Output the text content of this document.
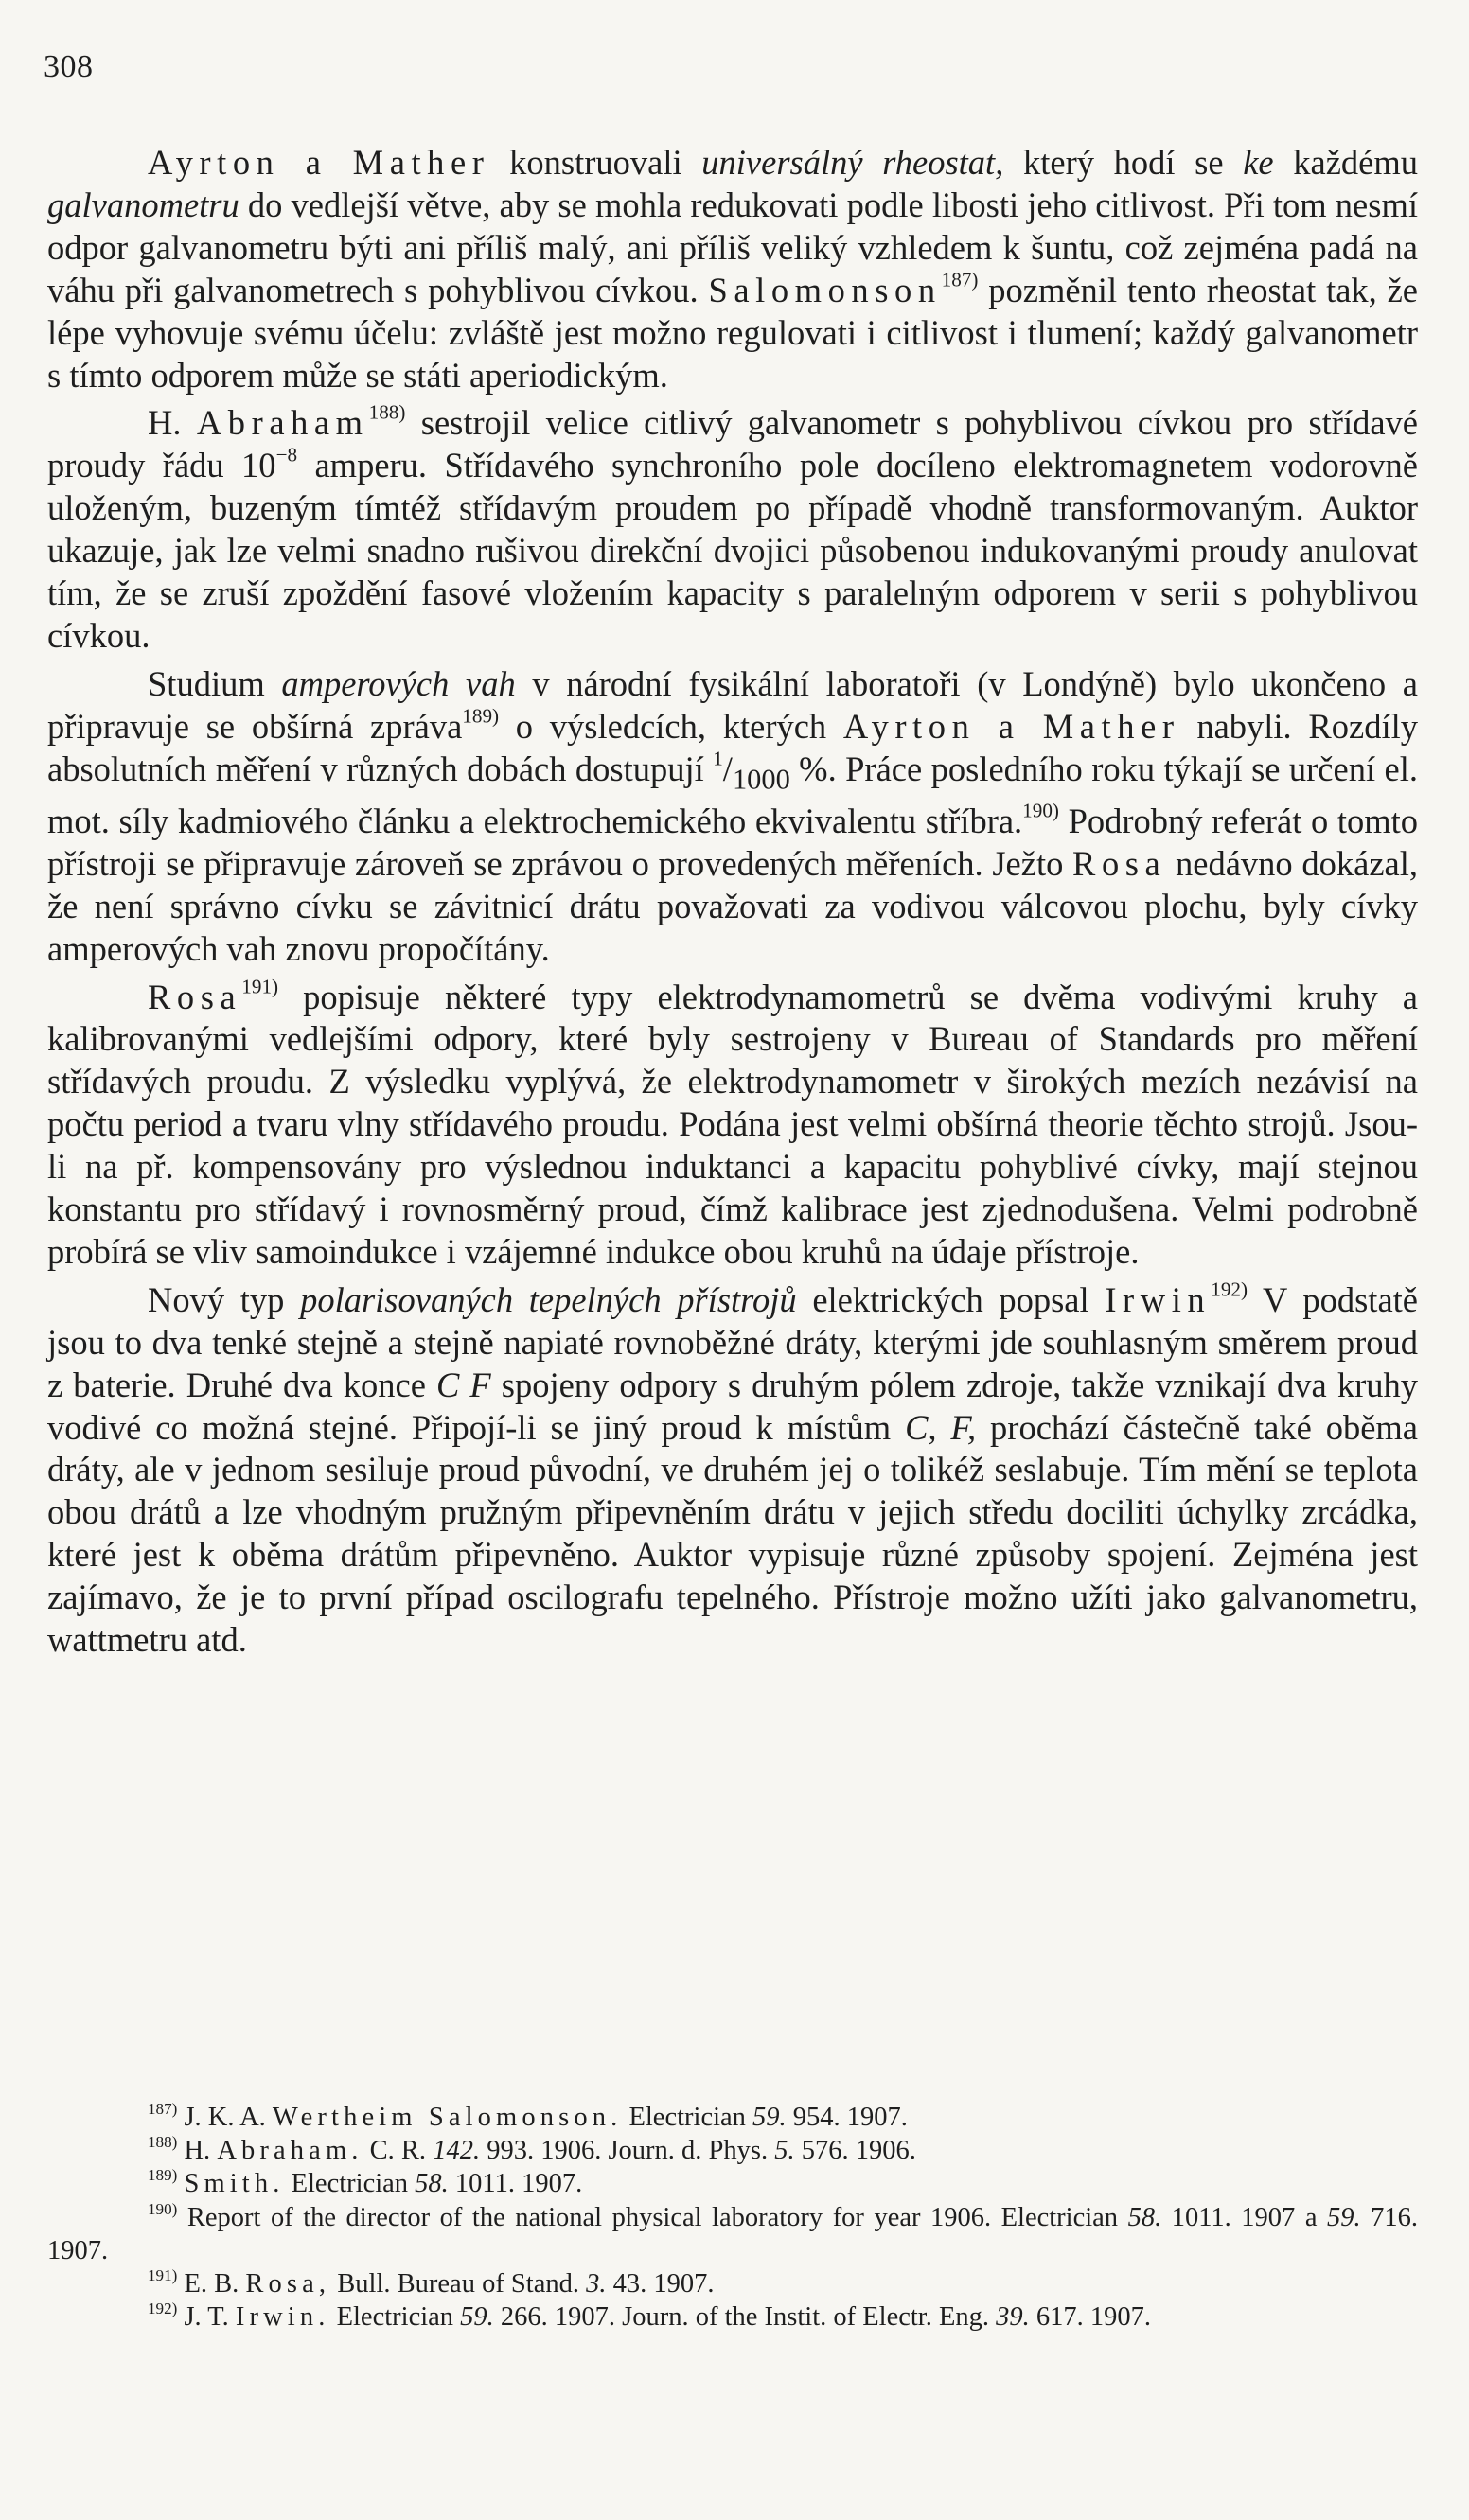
308

Ayrton a Mather konstruovali universálný rheostat, který hodí se ke každému galvanometru do vedlejší větve, aby se mohla redukovati podle libosti jeho citlivost. Při tom nesmí odpor galvanometru býti ani příliš malý, ani příliš veliký vzhledem k šuntu, což zejména padá na váhu při galvanometrech s pohyblivou cívkou. Salomonson$^{187)}$ pozměnil tento rheostat tak, že lépe vyhovuje svému účelu: zvláště jest možno regulovati i citlivost i tlumení; každý galvanometr s tímto odporem může se státi aperiodickým.

H. Abraham$^{188)}$ sestrojil velice citlivý galvanometr s pohyblivou cívkou pro střídavé proudy řádu $10^{-8}$ amperu. Střídavého synchroního pole docíleno elektromagnetem vodorovně uloženým, buzeným tímtéž střídavým proudem po případě vhodně transformovaným. Auktor ukazuje, jak lze velmi snadno rušivou direkční dvojici působenou indukovanými proudy anulovat tím, že se zruší zpoždění fasové vložením kapacity s paralelným odporem v serii s pohyblivou cívkou.

Studium amperových vah v národní fysikální laboratoři (v Londýně) bylo ukončeno a připravuje se obšírná zpráva$^{189)}$ o výsledcích, kterých Ayrton a Mather nabyli. Rozdíly absolutních měření v různých dobách dostupují $^1/_{1000}$ %. Práce posledního roku týkají se určení el. mot. síly kadmiového článku a elektrochemického ekvivalentu stříbra.$^{190)}$ Podrobný referát o tomto přístroji se připravuje zároveň se zprávou o provedených měřeních. Ježto Rosa nedávno dokázal, že není správno cívku se závitnicí drátu považovati za vodivou válcovou plochu, byly cívky amperových vah znovu propočítány.

Rosa$^{191)}$ popisuje některé typy elektrodynamometrů se dvěma vodivými kruhy a kalibrovanými vedlejšími odpory, které byly sestrojeny v Bureau of Standards pro měření střídavých proudu. Z výsledku vyplývá, že elektrodynamometr v širokých mezích nezávisí na počtu period a tvaru vlny střídavého proudu. Podána jest velmi obšírná theorie těchto strojů. Jsou-li na př. kompensovány pro výslednou induktanci a kapacitu pohyblivé cívky, mají stejnou konstantu pro střídavý i rovnosměrný proud, čímž kalibrace jest zjednodušena. Velmi podrobně probírá se vliv samoindukce i vzájemné indukce obou kruhů na údaje přístroje.

Nový typ polarisovaných tepelných přístrojů elektrických popsal Irwin$^{192)}$ V podstatě jsou to dva tenké stejně a stejně napiaté rovnoběžné dráty, kterými jde souhlasným směrem proud z baterie. Druhé dva konce C F spojeny odpory s druhým pólem zdroje, takže vznikají dva kruhy vodivé co možná stejné. Připojí-li se jiný proud k místům C, F, prochází částečně také oběma dráty, ale v jednom sesiluje proud původní, ve druhém jej o tolikéž seslabuje. Tím mění se teplota obou drátů a lze vhodným pružným připevněním drátu v jejich středu dociliti úchylky zrcádka, které jest k oběma drátům připevněno. Auktor vypisuje různé způsoby spojení. Zejména jest zajímavo, že je to první případ oscilografu tepelného. Přístroje možno užíti jako galvanometru, wattmetru atd.

$^{187)}$ J. K. A. Wertheim Salomonson. Electrician 59. 954. 1907.

$^{188)}$ H. Abraham. C. R. 142. 993. 1906. Journ. d. Phys. 5. 576. 1906.

$^{189)}$ Smith. Electrician 58. 1011. 1907.

$^{190)}$ Report of the director of the national physical laboratory for year 1906. Electrician 58. 1011. 1907 a 59. 716. 1907.

$^{191)}$ E. B. Rosa, Bull. Bureau of Stand. 3. 43. 1907.

$^{192)}$ J. T. Irwin. Electrician 59. 266. 1907. Journ. of the Instit. of Electr. Eng. 39. 617. 1907.
